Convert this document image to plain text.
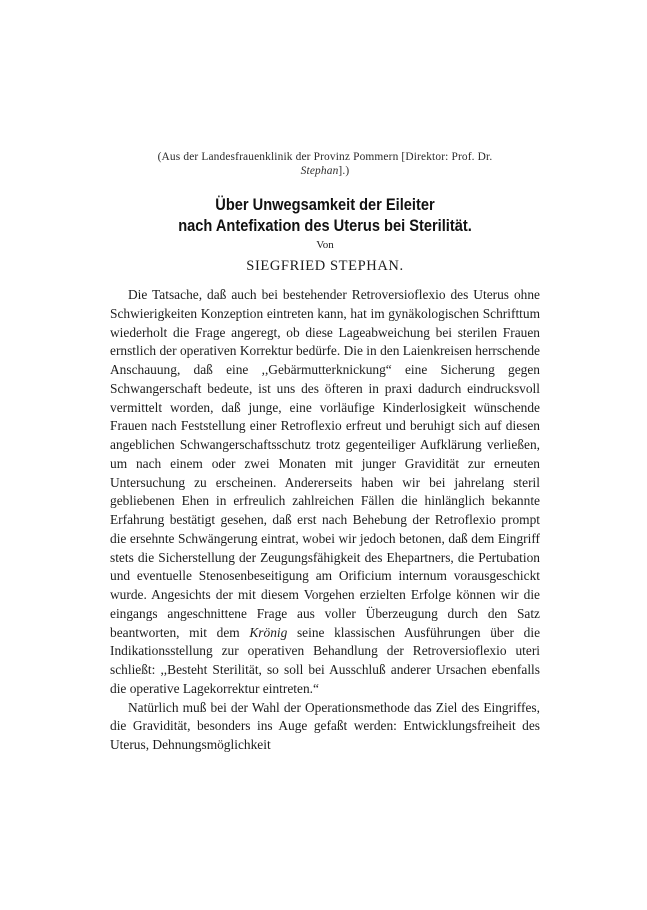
(Aus der Landesfrauenklinik der Provinz Pommern [Direktor: Prof. Dr.
Stephan].)
Über Unwegsamkeit der Eileiter
nach Antefixation des Uterus bei Sterilität.
Von
SIEGFRIED STEPHAN.

Die Tatsache, daß auch bei bestehender Retroversioflexio des Uterus ohne Schwierigkeiten Konzeption eintreten kann, hat im gynäkologischen Schrifttum wiederholt die Frage angeregt, ob diese Lageabweichung bei sterilen Frauen ernstlich der operativen Korrektur bedürfe. Die in den Laienkreisen herrschende Anschauung, daß eine ,,Gebärmutterknickung“ eine Sicherung gegen Schwangerschaft bedeute, ist uns des öfteren in praxi dadurch eindrucksvoll vermittelt worden, daß junge, eine vorläufige Kinderlosigkeit wünschende Frauen nach Feststellung einer Retroflexio erfreut und beruhigt sich auf diesen angeblichen Schwangerschaftsschutz trotz gegenteiliger Aufklärung verließen, um nach einem oder zwei Monaten mit junger Gravidität zur erneuten Untersuchung zu erscheinen. Andererseits haben wir bei jahrelang steril gebliebenen Ehen in erfreulich zahlreichen Fällen die hinlänglich bekannte Erfahrung bestätigt gesehen, daß erst nach Behebung der Retroflexio prompt die ersehnte Schwängerung eintrat, wobei wir jedoch betonen, daß dem Eingriff stets die Sicherstellung der Zeugungsfähigkeit des Ehepartners, die Pertubation und eventuelle Stenosenbeseitigung am Orificium internum vorausgeschickt wurde. Angesichts der mit diesem Vorgehen erzielten Erfolge können wir die eingangs angeschnittene Frage aus voller Überzeugung durch den Satz beantworten, mit dem Krönig seine klassischen Ausführungen über die Indikationsstellung zur operativen Behandlung der Retroversioflexio uteri schließt: ,,Besteht Sterilität, so soll bei Ausschluß anderer Ursachen ebenfalls die operative Lagekorrektur eintreten.“

Natürlich muß bei der Wahl der Operationsmethode das Ziel des Eingriffes, die Gravidität, besonders ins Auge gefaßt werden: Entwicklungsfreiheit des Uterus, Dehnungsmöglichkeit
